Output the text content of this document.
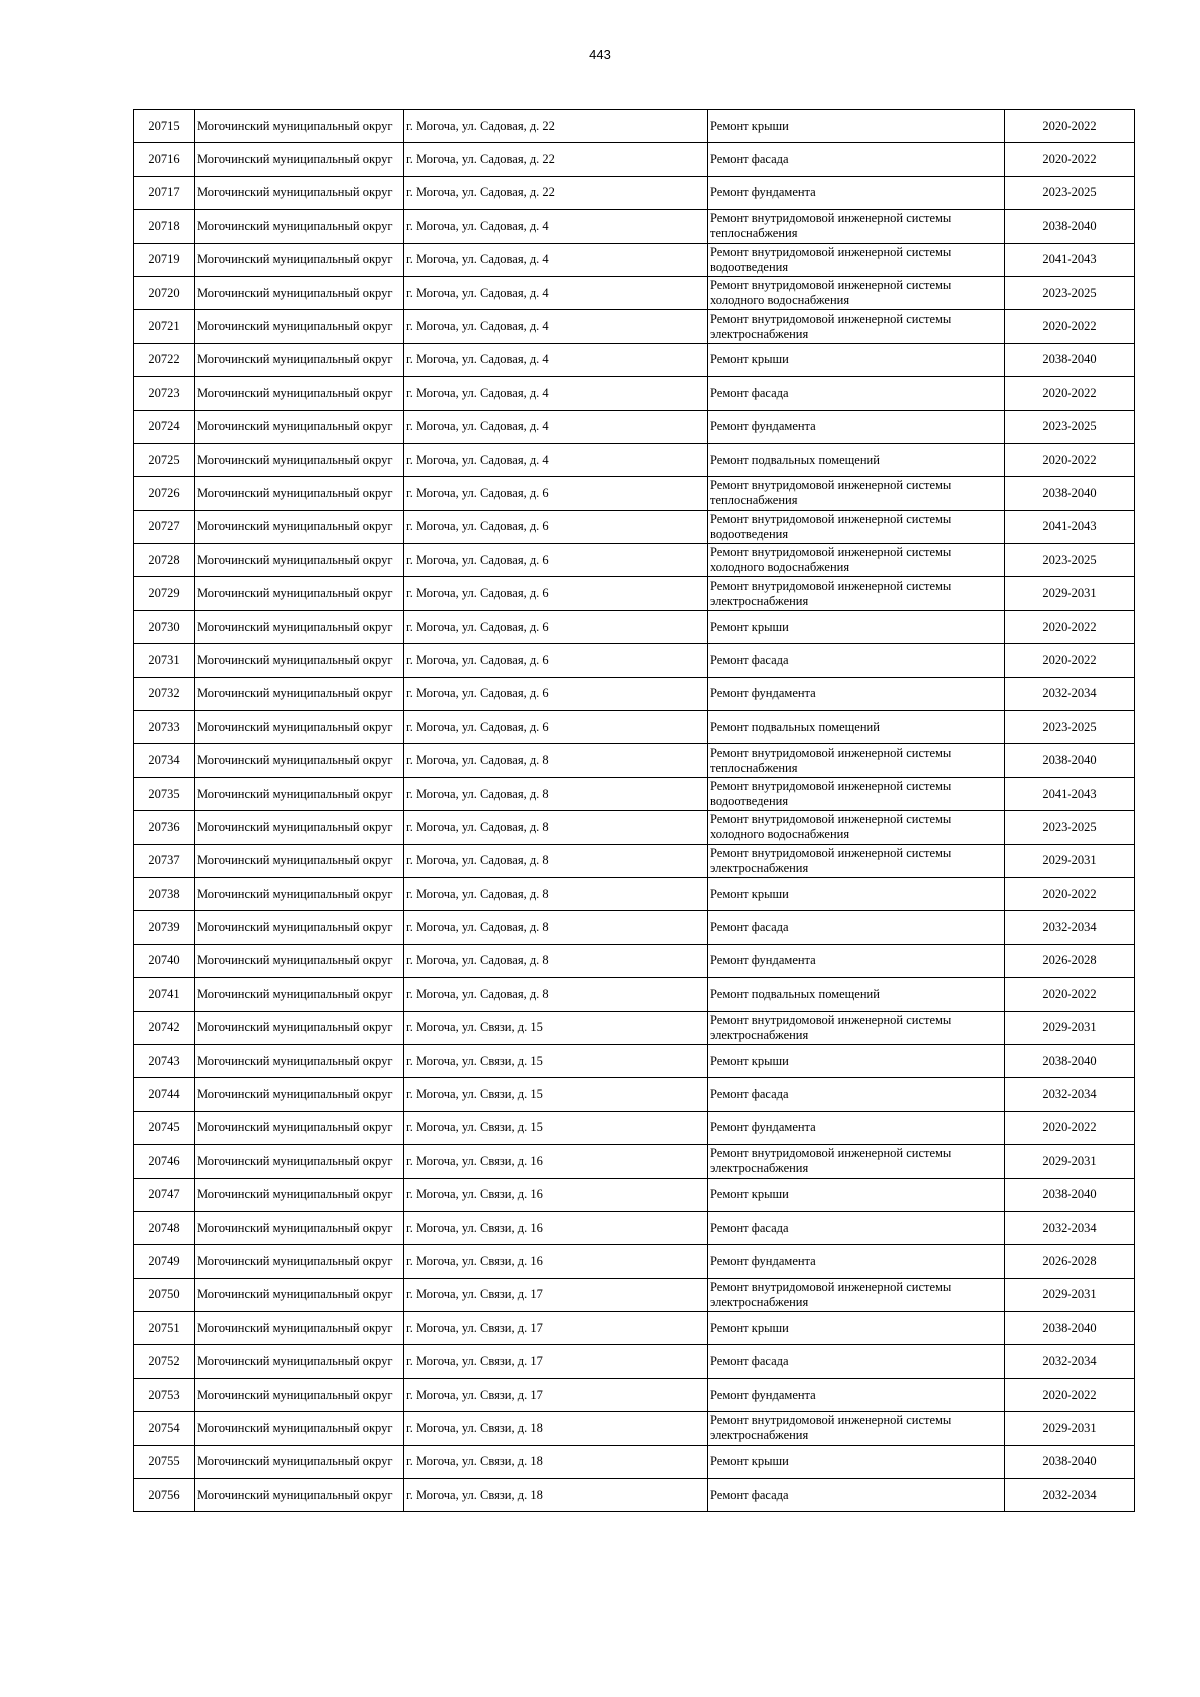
443
20715	Могочинский муниципальный округ	г. Могоча, ул. Садовая, д. 22	Ремонт крыши	2020-2022
20716	Могочинский муниципальный округ	г. Могоча, ул. Садовая, д. 22	Ремонт фасада	2020-2022
20717	Могочинский муниципальный округ	г. Могоча, ул. Садовая, д. 22	Ремонт фундамента	2023-2025
20718	Могочинский муниципальный округ	г. Могоча, ул. Садовая, д. 4	Ремонт внутридомовой инженерной системы теплоснабжения	2038-2040
20719	Могочинский муниципальный округ	г. Могоча, ул. Садовая, д. 4	Ремонт внутридомовой инженерной системы водоотведения	2041-2043
20720	Могочинский муниципальный округ	г. Могоча, ул. Садовая, д. 4	Ремонт внутридомовой инженерной системы холодного водоснабжения	2023-2025
20721	Могочинский муниципальный округ	г. Могоча, ул. Садовая, д. 4	Ремонт внутридомовой инженерной системы электроснабжения	2020-2022
20722	Могочинский муниципальный округ	г. Могоча, ул. Садовая, д. 4	Ремонт крыши	2038-2040
20723	Могочинский муниципальный округ	г. Могоча, ул. Садовая, д. 4	Ремонт фасада	2020-2022
20724	Могочинский муниципальный округ	г. Могоча, ул. Садовая, д. 4	Ремонт фундамента	2023-2025
20725	Могочинский муниципальный округ	г. Могоча, ул. Садовая, д. 4	Ремонт подвальных помещений	2020-2022
20726	Могочинский муниципальный округ	г. Могоча, ул. Садовая, д. 6	Ремонт внутридомовой инженерной системы теплоснабжения	2038-2040
20727	Могочинский муниципальный округ	г. Могоча, ул. Садовая, д. 6	Ремонт внутридомовой инженерной системы водоотведения	2041-2043
20728	Могочинский муниципальный округ	г. Могоча, ул. Садовая, д. 6	Ремонт внутридомовой инженерной системы холодного водоснабжения	2023-2025
20729	Могочинский муниципальный округ	г. Могоча, ул. Садовая, д. 6	Ремонт внутридомовой инженерной системы электроснабжения	2029-2031
20730	Могочинский муниципальный округ	г. Могоча, ул. Садовая, д. 6	Ремонт крыши	2020-2022
20731	Могочинский муниципальный округ	г. Могоча, ул. Садовая, д. 6	Ремонт фасада	2020-2022
20732	Могочинский муниципальный округ	г. Могоча, ул. Садовая, д. 6	Ремонт фундамента	2032-2034
20733	Могочинский муниципальный округ	г. Могоча, ул. Садовая, д. 6	Ремонт подвальных помещений	2023-2025
20734	Могочинский муниципальный округ	г. Могоча, ул. Садовая, д. 8	Ремонт внутридомовой инженерной системы теплоснабжения	2038-2040
20735	Могочинский муниципальный округ	г. Могоча, ул. Садовая, д. 8	Ремонт внутридомовой инженерной системы водоотведения	2041-2043
20736	Могочинский муниципальный округ	г. Могоча, ул. Садовая, д. 8	Ремонт внутридомовой инженерной системы холодного водоснабжения	2023-2025
20737	Могочинский муниципальный округ	г. Могоча, ул. Садовая, д. 8	Ремонт внутридомовой инженерной системы электроснабжения	2029-2031
20738	Могочинский муниципальный округ	г. Могоча, ул. Садовая, д. 8	Ремонт крыши	2020-2022
20739	Могочинский муниципальный округ	г. Могоча, ул. Садовая, д. 8	Ремонт фасада	2032-2034
20740	Могочинский муниципальный округ	г. Могоча, ул. Садовая, д. 8	Ремонт фундамента	2026-2028
20741	Могочинский муниципальный округ	г. Могоча, ул. Садовая, д. 8	Ремонт подвальных помещений	2020-2022
20742	Могочинский муниципальный округ	г. Могоча, ул. Связи, д. 15	Ремонт внутридомовой инженерной системы электроснабжения	2029-2031
20743	Могочинский муниципальный округ	г. Могоча, ул. Связи, д. 15	Ремонт крыши	2038-2040
20744	Могочинский муниципальный округ	г. Могоча, ул. Связи, д. 15	Ремонт фасада	2032-2034
20745	Могочинский муниципальный округ	г. Могоча, ул. Связи, д. 15	Ремонт фундамента	2020-2022
20746	Могочинский муниципальный округ	г. Могоча, ул. Связи, д. 16	Ремонт внутридомовой инженерной системы электроснабжения	2029-2031
20747	Могочинский муниципальный округ	г. Могоча, ул. Связи, д. 16	Ремонт крыши	2038-2040
20748	Могочинский муниципальный округ	г. Могоча, ул. Связи, д. 16	Ремонт фасада	2032-2034
20749	Могочинский муниципальный округ	г. Могоча, ул. Связи, д. 16	Ремонт фундамента	2026-2028
20750	Могочинский муниципальный округ	г. Могоча, ул. Связи, д. 17	Ремонт внутридомовой инженерной системы электроснабжения	2029-2031
20751	Могочинский муниципальный округ	г. Могоча, ул. Связи, д. 17	Ремонт крыши	2038-2040
20752	Могочинский муниципальный округ	г. Могоча, ул. Связи, д. 17	Ремонт фасада	2032-2034
20753	Могочинский муниципальный округ	г. Могоча, ул. Связи, д. 17	Ремонт фундамента	2020-2022
20754	Могочинский муниципальный округ	г. Могоча, ул. Связи, д. 18	Ремонт внутридомовой инженерной системы электроснабжения	2029-2031
20755	Могочинский муниципальный округ	г. Могоча, ул. Связи, д. 18	Ремонт крыши	2038-2040
20756	Могочинский муниципальный округ	г. Могоча, ул. Связи, д. 18	Ремонт фасада	2032-2034
